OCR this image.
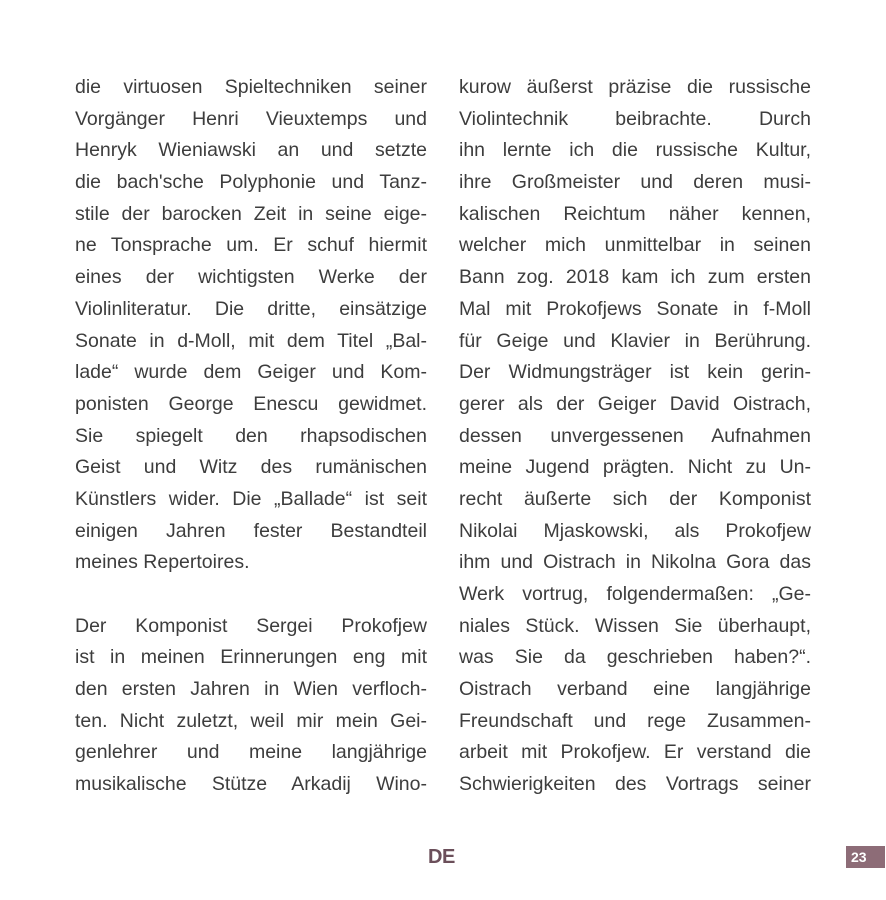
die virtuosen Spieltechniken seiner
Vorgänger Henri Vieuxtemps und
Henryk Wieniawski an und setzte
die bach'sche Polyphonie und Tanz-
stile der barocken Zeit in seine eige-
ne Tonsprache um. Er schuf hiermit
eines der wichtigsten Werke der
Violinliteratur. Die dritte, einsätzige
Sonate in d-Moll, mit dem Titel „Bal-
lade“ wurde dem Geiger und Kom-
ponisten George Enescu gewidmet.
Sie spiegelt den rhapsodischen
Geist und Witz des rumänischen
Künstlers wider. Die „Ballade“ ist seit
einigen Jahren fester Bestandteil
meines Repertoires.
Der Komponist Sergei Prokofjew
ist in meinen Erinnerungen eng mit
den ersten Jahren in Wien verfloch-
ten. Nicht zuletzt, weil mir mein Gei-
genlehrer und meine langjährige
musikalische Stütze Arkadij Wino-
kurow äußerst präzise die russische
Violintechnik beibrachte. Durch
ihn lernte ich die russische Kultur,
ihre Großmeister und deren musi-
kalischen Reichtum näher kennen,
welcher mich unmittelbar in seinen
Bann zog. 2018 kam ich zum ersten
Mal mit Prokofjews Sonate in f-Moll
für Geige und Klavier in Berührung.
Der Widmungsträger ist kein gerin-
gerer als der Geiger David Oistrach,
dessen unvergessenen Aufnahmen
meine Jugend prägten. Nicht zu Un-
recht äußerte sich der Komponist
Nikolai Mjaskowski, als Prokofjew
ihm und Oistrach in Nikolna Gora das
Werk vortrug, folgendermaßen: „Ge-
niales Stück. Wissen Sie überhaupt,
was Sie da geschrieben haben?“.
Oistrach verband eine langjährige
Freundschaft und rege Zusammen-
arbeit mit Prokofjew. Er verstand die
Schwierigkeiten des Vortrags seiner
DE	23
